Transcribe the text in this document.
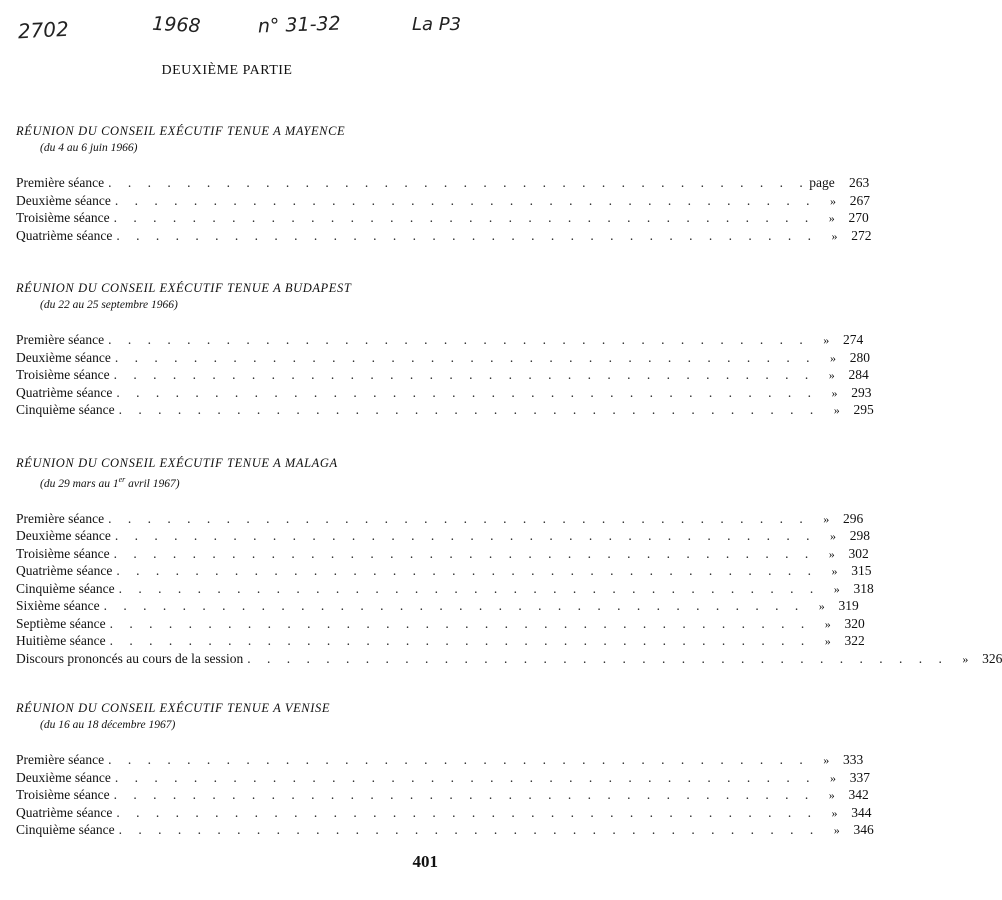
2702	1968	n° 31-32	La P3
DEUXIÈME PARTIE
RÉUNION DU CONSEIL EXÉCUTIF TENUE A MAYENCE
(du 4 au 6 juin 1966)
Première séance . . . . . . . . . . . . . . . . . . . . . . . . . . . . . . . . . . . . page	263
Deuxième séance . . . . . . . . . . . . . . . . . . . . . . . . . . . . . . . . . . . .	»	267
Troisième séance . . . . . . . . . . . . . . . . . . . . . . . . . . . . . . . . . . . .	»	270
Quatrième séance . . . . . . . . . . . . . . . . . . . . . . . . . . . . . . . . . . . .	»	272
RÉUNION DU CONSEIL EXÉCUTIF TENUE A BUDAPEST
(du 22 au 25 septembre 1966)
Première séance . . . . . . . . . . . . . . . . . . . . . . . . . . . . . . . . . . . .	»	274
Deuxième séance . . . . . . . . . . . . . . . . . . . . . . . . . . . . . . . . . . . .	»	280
Troisième séance . . . . . . . . . . . . . . . . . . . . . . . . . . . . . . . . . . . .	»	284
Quatrième séance . . . . . . . . . . . . . . . . . . . . . . . . . . . . . . . . . . . .	»	293
Cinquième séance . . . . . . . . . . . . . . . . . . . . . . . . . . . . . . . . . . . .	»	295
RÉUNION DU CONSEIL EXÉCUTIF TENUE A MALAGA
(du 29 mars au 1er avril 1967)
Première séance . . . . . . . . . . . . . . . . . . . . . . . . . . . . . . . . . . . .	»	296
Deuxième séance . . . . . . . . . . . . . . . . . . . . . . . . . . . . . . . . . . . .	»	298
Troisième séance . . . . . . . . . . . . . . . . . . . . . . . . . . . . . . . . . . . .	»	302
Quatrième séance . . . . . . . . . . . . . . . . . . . . . . . . . . . . . . . . . . . .	»	315
Cinquième séance . . . . . . . . . . . . . . . . . . . . . . . . . . . . . . . . . . . .	»	318
Sixième séance . . . . . . . . . . . . . . . . . . . . . . . . . . . . . . . . . . . .	»	319
Septième séance . . . . . . . . . . . . . . . . . . . . . . . . . . . . . . . . . . . .	»	320
Huitième séance . . . . . . . . . . . . . . . . . . . . . . . . . . . . . . . . . . . .	»	322
Discours prononcés au cours de la session . . . . . . . . . . . . . . . . . . . . . . . . . . . . . . . . . . . .	»	326
RÉUNION DU CONSEIL EXÉCUTIF TENUE A VENISE
(du 16 au 18 décembre 1967)
Première séance . . . . . . . . . . . . . . . . . . . . . . . . . . . . . . . . . . . .	»	333
Deuxième séance . . . . . . . . . . . . . . . . . . . . . . . . . . . . . . . . . . . .	»	337
Troisième séance . . . . . . . . . . . . . . . . . . . . . . . . . . . . . . . . . . . .	»	342
Quatrième séance . . . . . . . . . . . . . . . . . . . . . . . . . . . . . . . . . . . .	»	344
Cinquième séance . . . . . . . . . . . . . . . . . . . . . . . . . . . . . . . . . . . .	»	346
401
